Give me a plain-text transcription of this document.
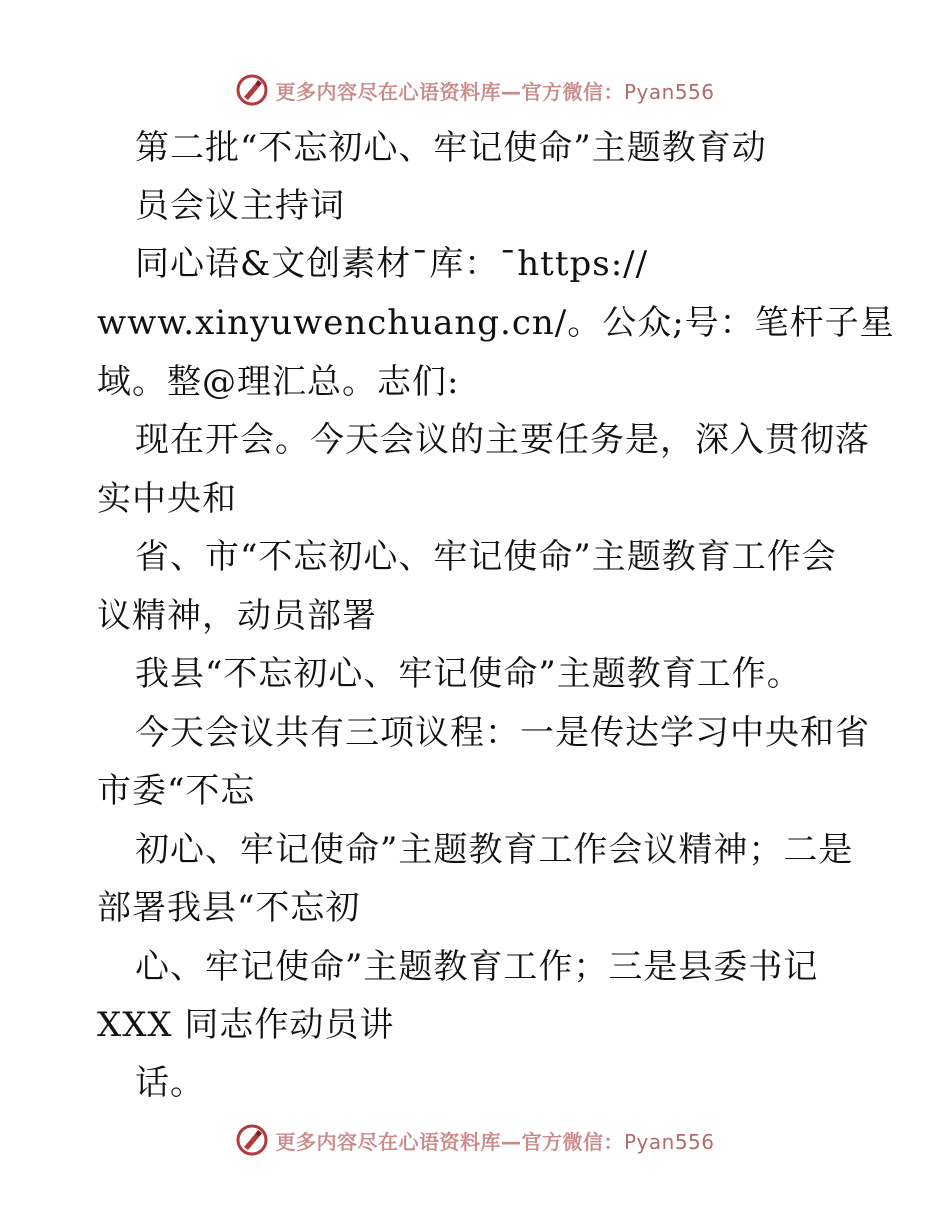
更多内容尽在心语资料库—官方微信：Pyan556
第二批“不忘初心、牢记使命”主题教育动
员会议主持词
同心语&文创素材¯库：¯https://
www.xinyuwenchuang.cn/。公众;号：笔杆子星
域。整@理汇总。志们:
现在开会。今天会议的主要任务是，深入贯彻落
实中央和
省、市“不忘初心、牢记使命”主题教育工作会
议精神，动员部署
我县“不忘初心、牢记使命”主题教育工作。
今天会议共有三项议程：一是传达学习中央和省
市委“不忘
初心、牢记使命”主题教育工作会议精神；二是
部署我县“不忘初
心、牢记使命”主题教育工作；三是县委书记
XXX 同志作动员讲
话。
更多内容尽在心语资料库—官方微信：Pyan556
